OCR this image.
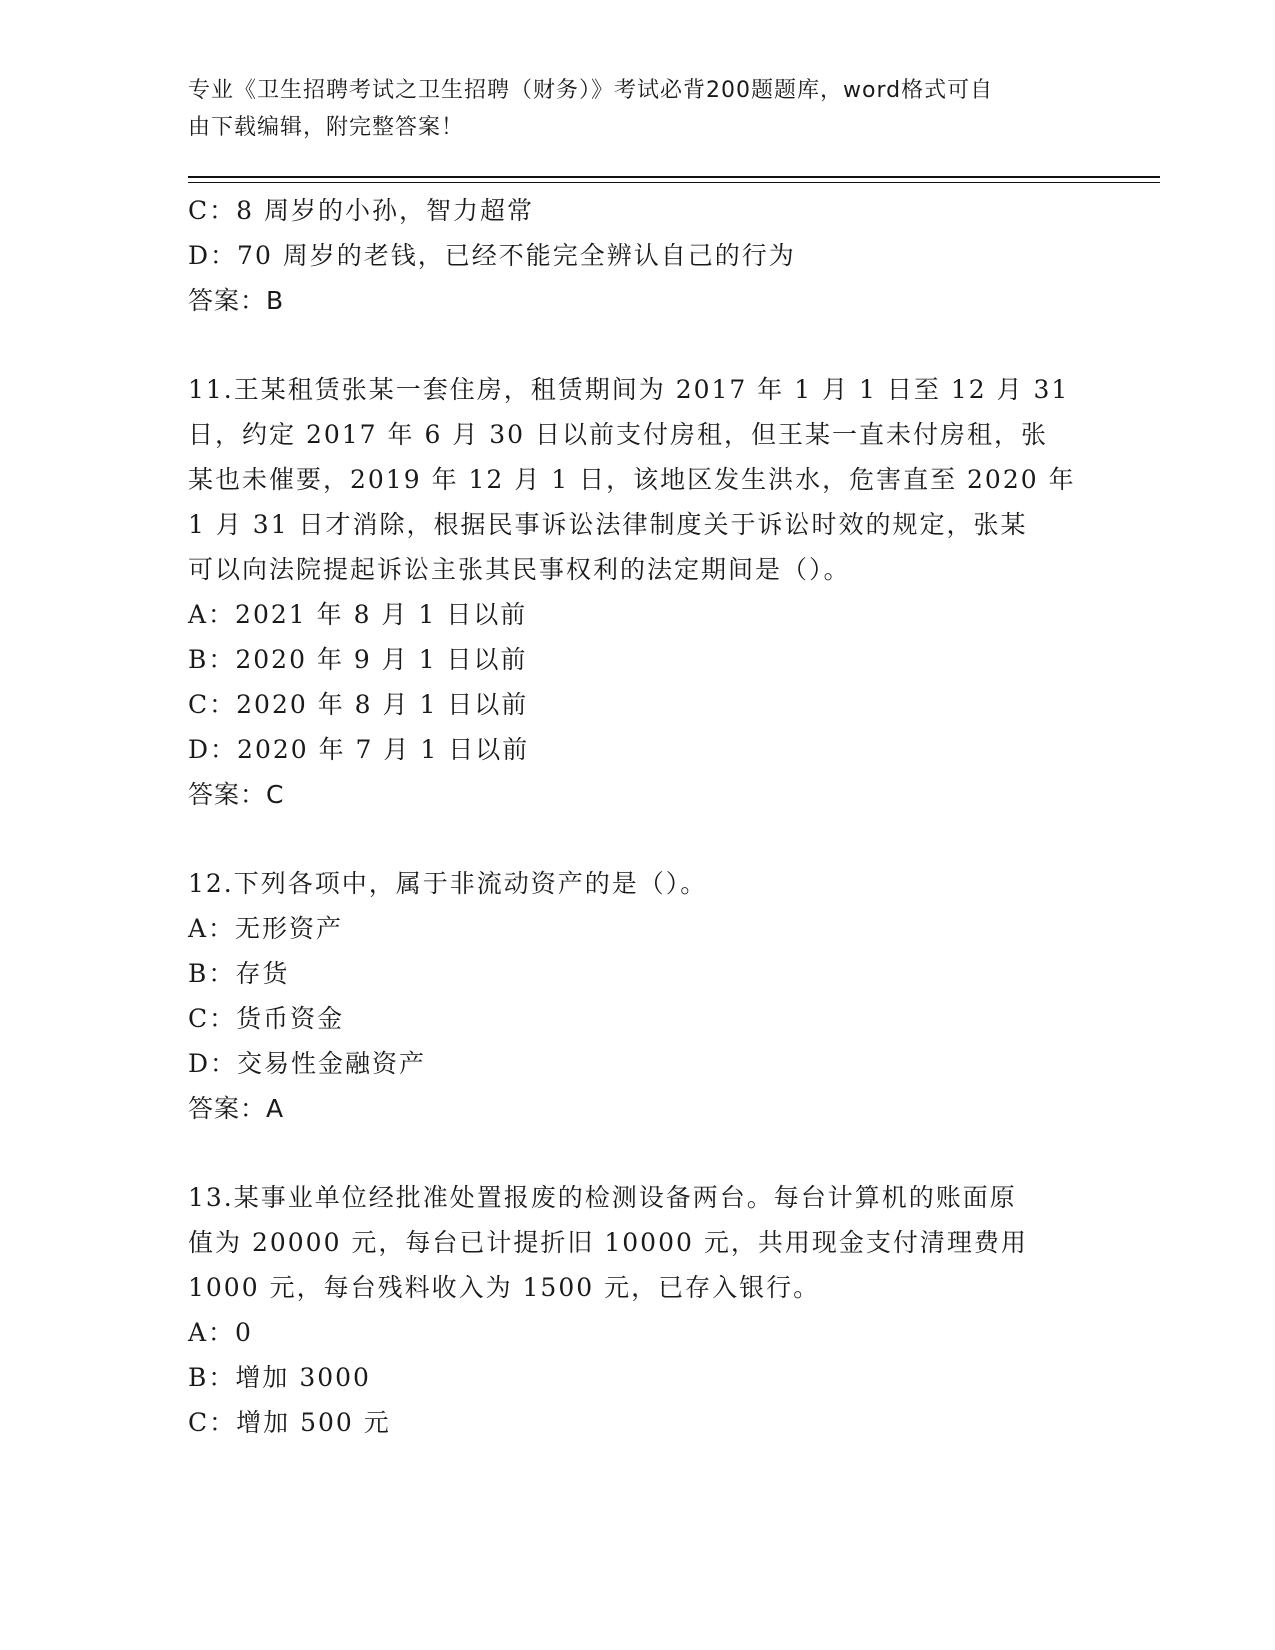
专业《卫生招聘考试之卫生招聘（财务）》考试必背200题题库，word格式可自
由下载编辑，附完整答案！
C：8 周岁的小孙，智力超常
D：70 周岁的老钱，已经不能完全辨认自己的行为
答案：B
11.王某租赁张某一套住房，租赁期间为 2017 年 1 月 1 日至 12 月 31
日，约定 2017 年 6 月 30 日以前支付房租，但王某一直未付房租，张
某也未催要，2019 年 12 月 1 日，该地区发生洪水，危害直至 2020 年
1 月 31 日才消除，根据民事诉讼法律制度关于诉讼时效的规定，张某
可以向法院提起诉讼主张其民事权利的法定期间是（）。
A：2021 年 8 月 1 日以前
B：2020 年 9 月 1 日以前
C：2020 年 8 月 1 日以前
D：2020 年 7 月 1 日以前
答案：C
12.下列各项中，属于非流动资产的是（）。
A：无形资产
B：存货
C：货币资金
D：交易性金融资产
答案：A
13.某事业单位经批准处置报废的检测设备两台。每台计算机的账面原
值为 20000 元，每台已计提折旧 10000 元，共用现金支付清理费用
1000 元，每台残料收入为 1500 元，已存入银行。
A：0
B：增加 3000
C：增加 500 元
